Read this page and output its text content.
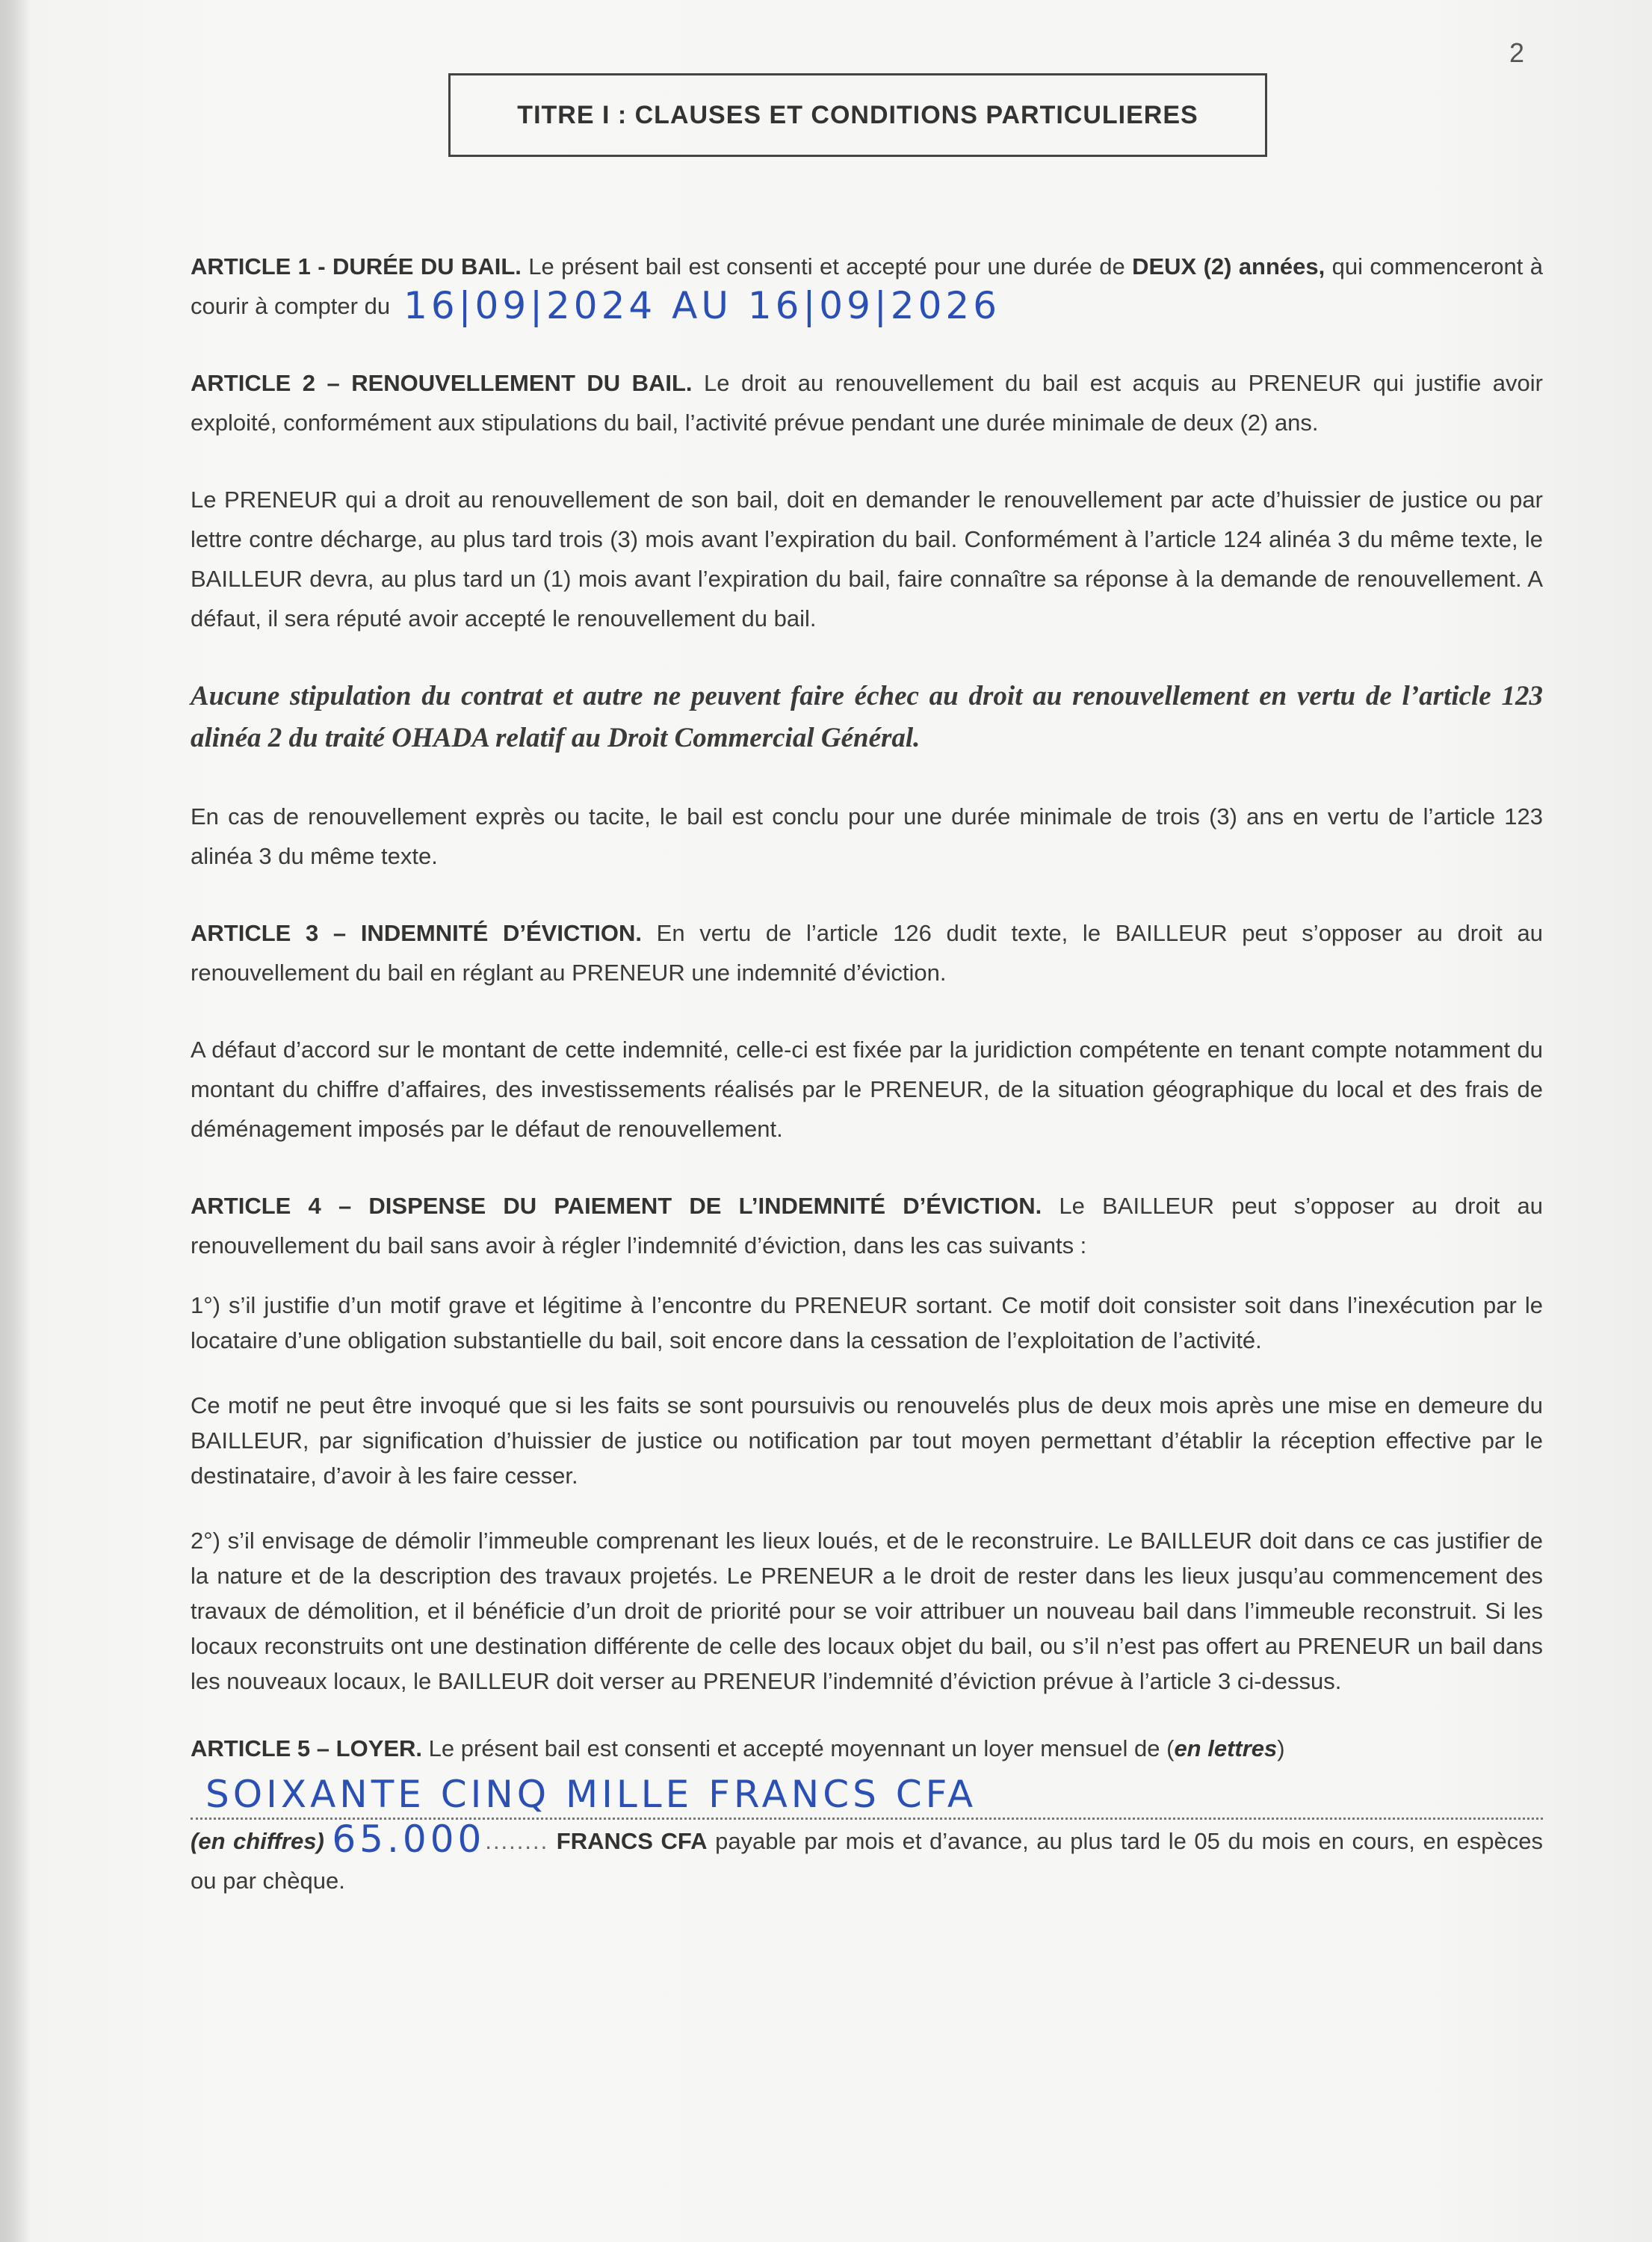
2
TITRE I : CLAUSES ET CONDITIONS PARTICULIERES

ARTICLE 1 - DURÉE DU BAIL. Le présent bail est consenti et accepté pour une durée de DEUX (2) années, qui commenceront à courir à compter du 16|09|2024 AU 16|09|2026

ARTICLE 2 – RENOUVELLEMENT DU BAIL. Le droit au renouvellement du bail est acquis au PRENEUR qui justifie avoir exploité, conformément aux stipulations du bail, l’activité prévue pendant une durée minimale de deux (2) ans.

Le PRENEUR qui a droit au renouvellement de son bail, doit en demander le renouvellement par acte d’huissier de justice ou par lettre contre décharge, au plus tard trois (3) mois avant l’expiration du bail. Conformément à l’article 124 alinéa 3 du même texte, le BAILLEUR devra, au plus tard un (1) mois avant l’expiration du bail, faire connaître sa réponse à la demande de renouvellement. A défaut, il sera réputé avoir accepté le renouvellement du bail.

Aucune stipulation du contrat et autre ne peuvent faire échec au droit au renouvellement en vertu de l’article 123 alinéa 2 du traité OHADA relatif au Droit Commercial Général.

En cas de renouvellement exprès ou tacite, le bail est conclu pour une durée minimale de trois (3) ans en vertu de l’article 123 alinéa 3 du même texte.

ARTICLE 3 – INDEMNITÉ D’ÉVICTION. En vertu de l’article 126 dudit texte, le BAILLEUR peut s’opposer au droit au renouvellement du bail en réglant au PRENEUR une indemnité d’éviction.

A défaut d’accord sur le montant de cette indemnité, celle-ci est fixée par la juridiction compétente en tenant compte notamment du montant du chiffre d’affaires, des investissements réalisés par le PRENEUR, de la situation géographique du local et des frais de déménagement imposés par le défaut de renouvellement.

ARTICLE 4 – DISPENSE DU PAIEMENT DE L’INDEMNITÉ D’ÉVICTION. Le BAILLEUR peut s’opposer au droit au renouvellement du bail sans avoir à régler l’indemnité d’éviction, dans les cas suivants :

1°) s’il justifie d’un motif grave et légitime à l’encontre du PRENEUR sortant. Ce motif doit consister soit dans l’inexécution par le locataire d’une obligation substantielle du bail, soit encore dans la cessation de l’exploitation de l’activité.

Ce motif ne peut être invoqué que si les faits se sont poursuivis ou renouvelés plus de deux mois après une mise en demeure du BAILLEUR, par signification d’huissier de justice ou notification par tout moyen permettant d’établir la réception effective par le destinataire, d’avoir à les faire cesser.

2°) s’il envisage de démolir l’immeuble comprenant les lieux loués, et de le reconstruire. Le BAILLEUR doit dans ce cas justifier de la nature et de la description des travaux projetés. Le PRENEUR a le droit de rester dans les lieux jusqu’au commencement des travaux de démolition, et il bénéficie d’un droit de priorité pour se voir attribuer un nouveau bail dans l’immeuble reconstruit. Si les locaux reconstruits ont une destination différente de celle des locaux objet du bail, ou s’il n’est pas offert au PRENEUR un bail dans les nouveaux locaux, le BAILLEUR doit verser au PRENEUR l’indemnité d’éviction prévue à l’article 3 ci-dessus.

ARTICLE 5 – LOYER. Le présent bail est consenti et accepté moyennant un loyer mensuel de (en lettres)
SOIXANTE CINQ MILLE FRANCS CFA
(en chiffres) 65.000........ FRANCS CFA payable par mois et d’avance, au plus tard le 05 du mois en cours, en espèces ou par chèque.
